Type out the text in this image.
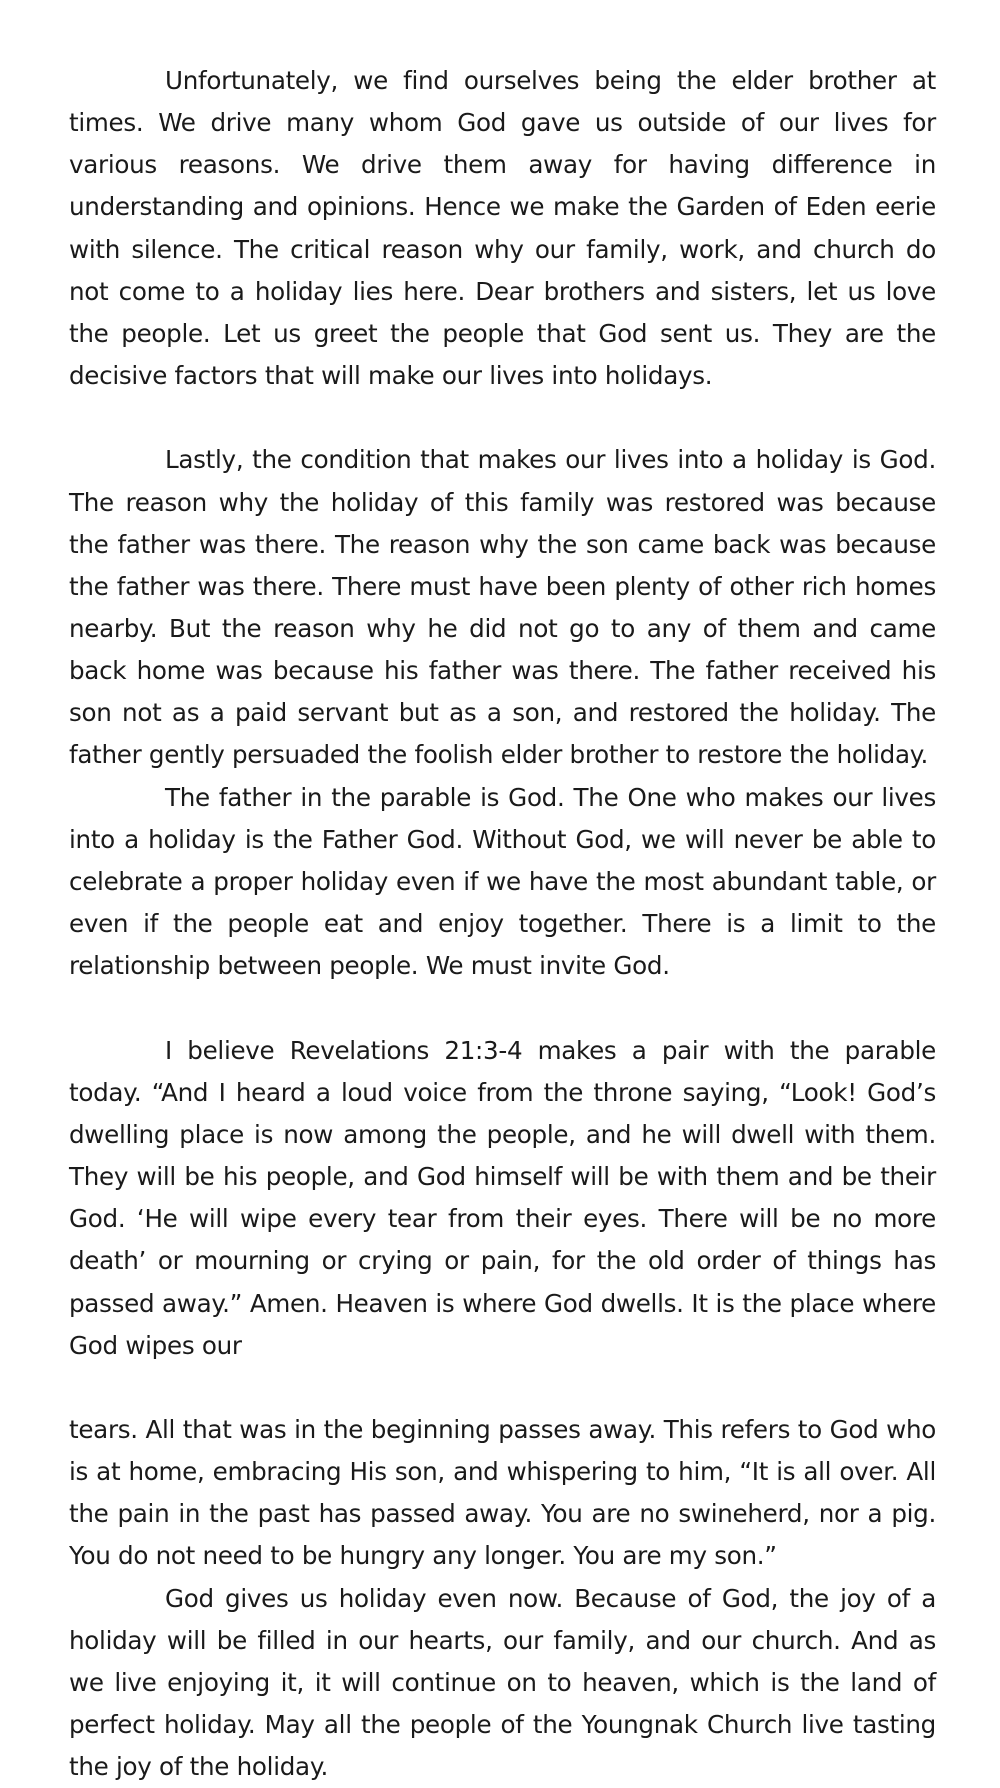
Unfortunately, we find ourselves being the elder brother at times. We drive many whom God gave us outside of our lives for various reasons. We drive them away for having difference in understanding and opinions. Hence we make the Garden of Eden eerie with silence. The critical reason why our family, work, and church do not come to a holiday lies here. Dear brothers and sisters, let us love the people. Let us greet the people that God sent us. They are the decisive factors that will make our lives into holidays.

Lastly, the condition that makes our lives into a holiday is God. The reason why the holiday of this family was restored was because the father was there. The reason why the son came back was because the father was there. There must have been plenty of other rich homes nearby. But the reason why he did not go to any of them and came back home was because his father was there. The father received his son not as a paid servant but as a son, and restored the holiday. The father gently persuaded the foolish elder brother to restore the holiday.

The father in the parable is God. The One who makes our lives into a holiday is the Father God. Without God, we will never be able to celebrate a proper holiday even if we have the most abundant table, or even if the people eat and enjoy together. There is a limit to the relationship between people. We must invite God.

I believe Revelations 21:3-4 makes a pair with the parable today. “And I heard a loud voice from the throne saying, “Look! God’s dwelling place is now among the people, and he will dwell with them. They will be his people, and God himself will be with them and be their God. ‘He will wipe every tear from their eyes. There will be no more death’ or mourning or crying or pain, for the old order of things has passed away.” Amen. Heaven is where God dwells. It is the place where God wipes our

tears. All that was in the beginning passes away. This refers to God who is at home, embracing His son, and whispering to him, “It is all over. All the pain in the past has passed away. You are no swineherd, nor a pig. You do not need to be hungry any longer. You are my son.”

God gives us holiday even now. Because of God, the joy of a holiday will be filled in our hearts, our family, and our church. And as we live enjoying it, it will continue on to heaven, which is the land of perfect holiday. May all the people of the Youngnak Church live tasting the joy of the holiday.
